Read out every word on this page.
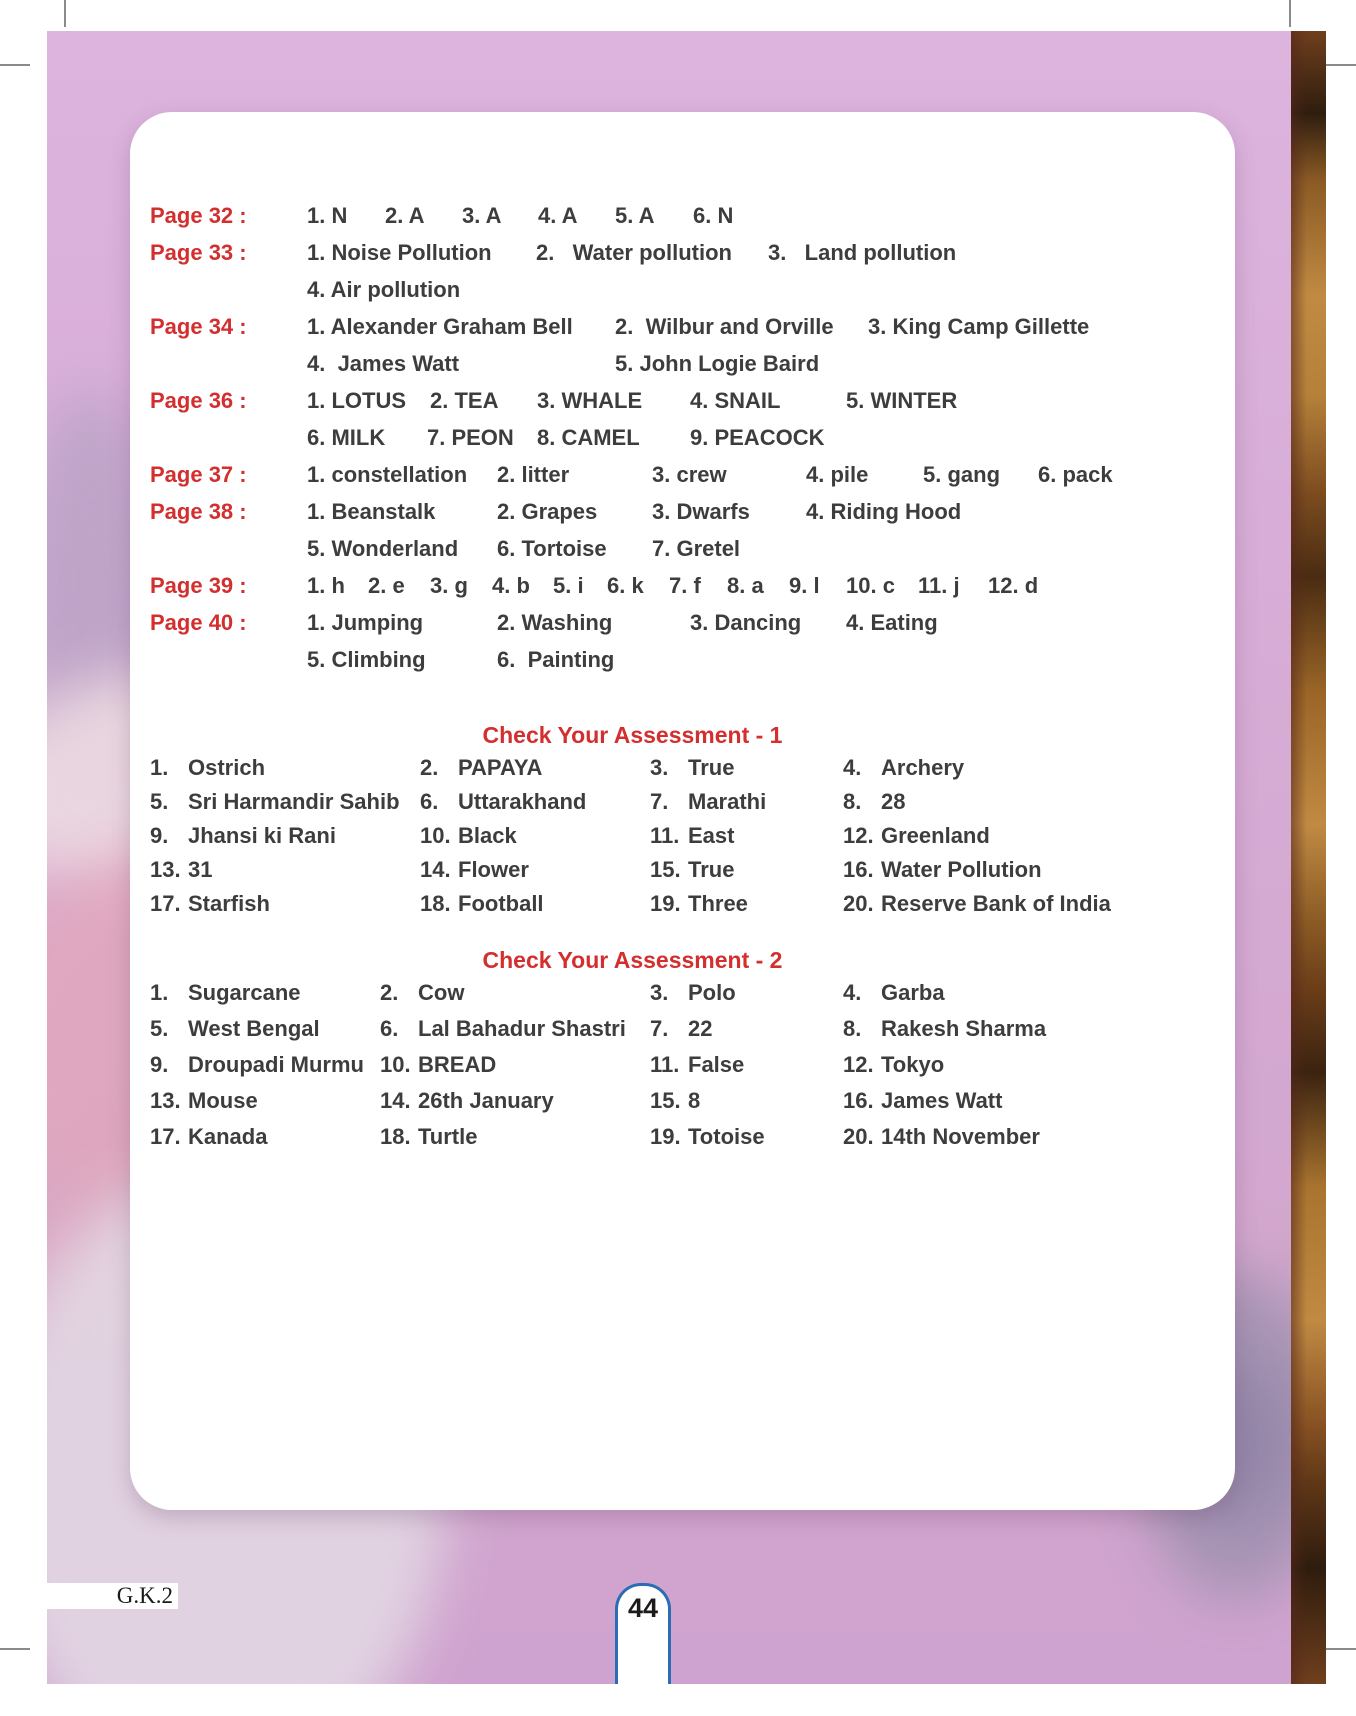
Page 32 :	1. N 2. A 3. A 4. A 5. A 6. N
Page 33 :	1. Noise Pollution 2.   Water pollution 3.   Land pollution
4. Air pollution
Page 34 :	1. Alexander Graham Bell 2.  Wilbur and Orville 3. King Camp Gillette
4.  James Watt	5. John Logie Baird
Page 36 :	1. LOTUS 2. TEA 3. WHALE 4. SNAIL	5. WINTER
6. MILK 7. PEON 8. CAMEL 9. PEACOCK
Page 37 :	1. constellation 2. litter	3. crew	4. pile 5. gang 6. pack
Page 38 :	1. Beanstalk	2. Grapes 3. Dwarfs	4. Riding Hood
5. Wonderland 6. Tortoise 7. Gretel
Page 39 :	1. h 2. e 3. g 4. b 5. i 6. k 7. f 8. a 9. l 10. c 11. j 12. d
Page 40 :	1. Jumping	2. Washing	3. Dancing 4. Eating
5. Climbing	6.  Painting
Check Your Assessment - 1
1. Ostrich	2. PAPAYA	3. True	4. Archery
5. Sri Harmandir Sahib 6. Uttarakhand	7. Marathi	8. 28
9. Jhansi ki Rani	10. Black	11. East	12. Greenland
13. 31	14. Flower	15. True	16. Water Pollution
17. Starfish	18. Football	19. Three	20. Reserve Bank of India
Check Your Assessment - 2
1. Sugarcane	2. Cow	3. Polo	4. Garba
5. West Bengal	6. Lal Bahadur Shastri	7. 22	8. Rakesh Sharma
9. Droupadi Murmu 10. BREAD	11. False	12. Tokyo
13. Mouse	14. 26th January	15. 8	16. James Watt
17. Kanada	18. Turtle	19. Totoise	20. 14th November
G.K.2	44
